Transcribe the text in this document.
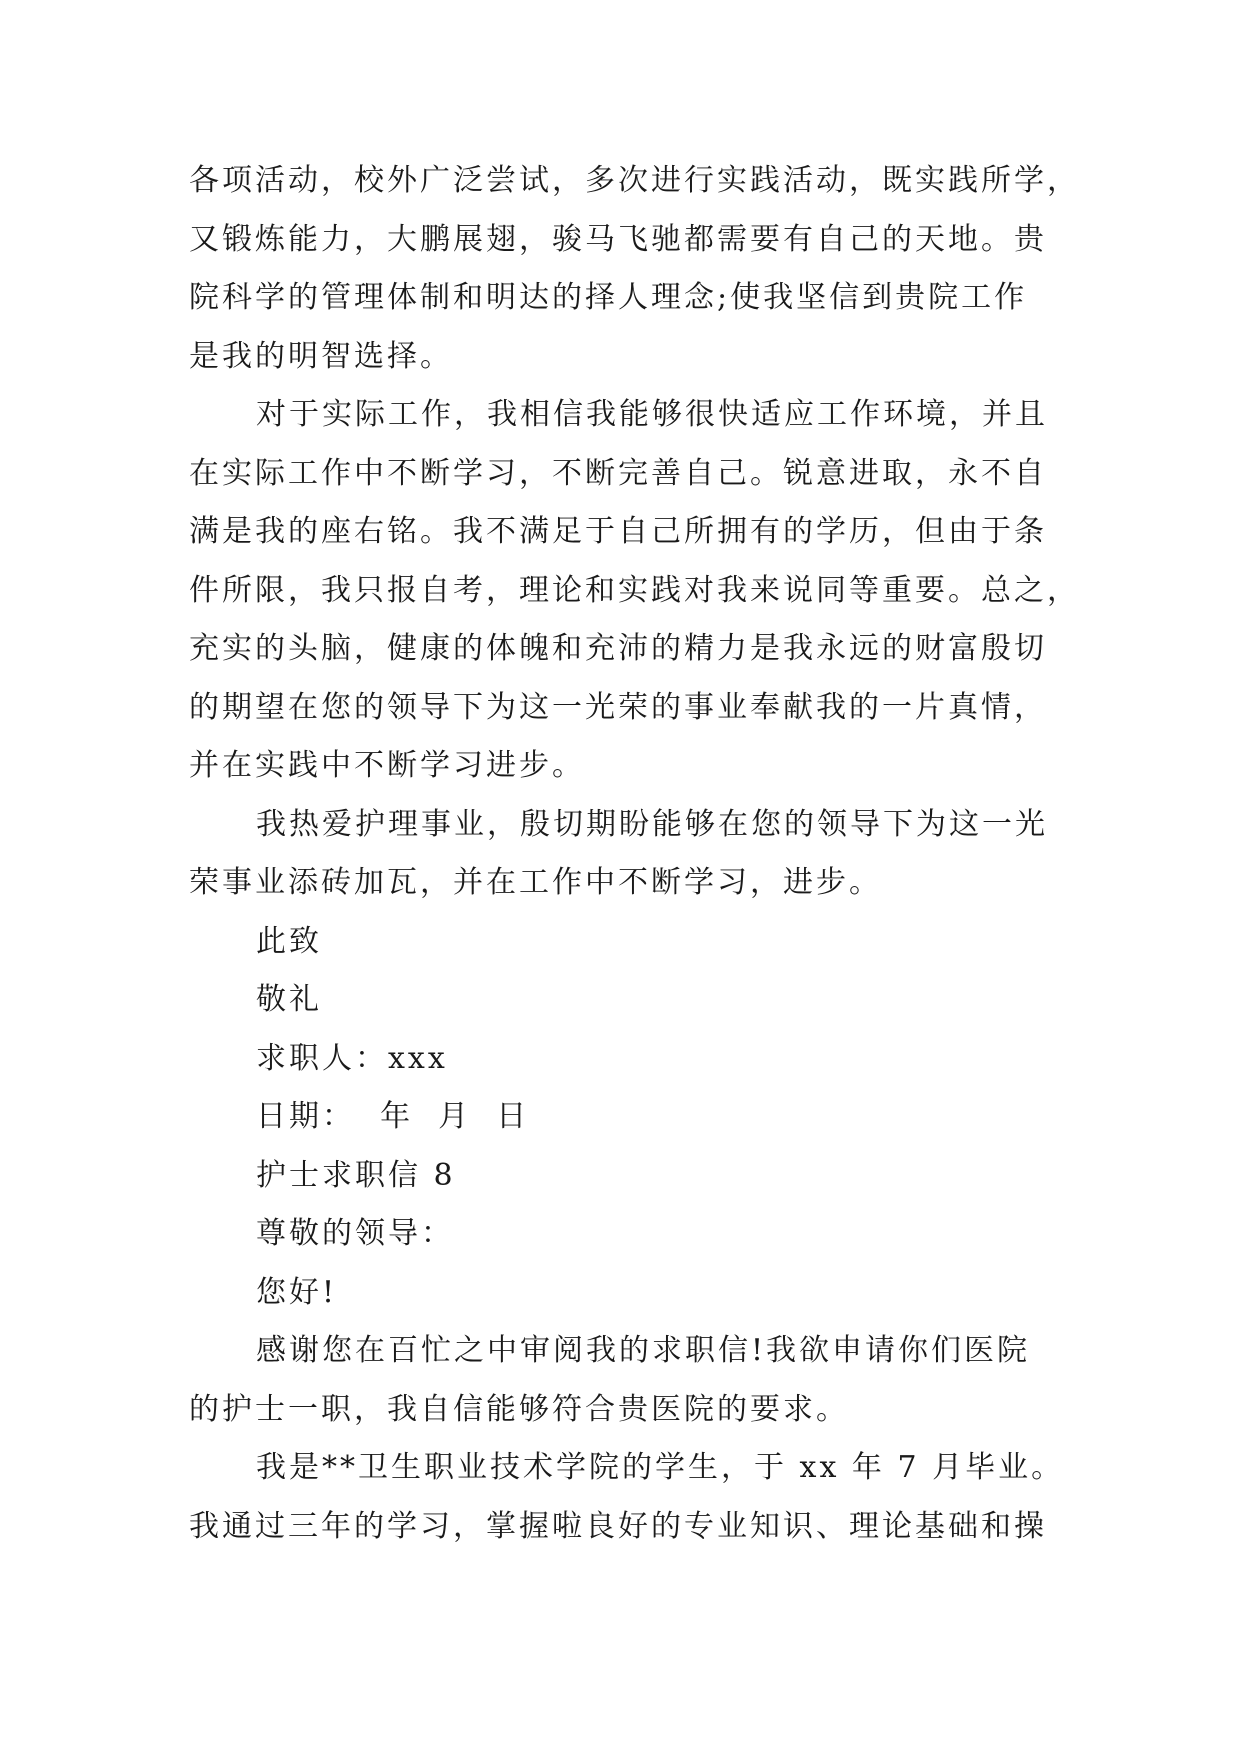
各项活动，校外广泛尝试，多次进行实践活动，既实践所学，
又锻炼能力，大鹏展翅，骏马飞驰都需要有自己的天地。贵
院科学的管理体制和明达的择人理念;使我坚信到贵院工作
是我的明智选择。
对于实际工作，我相信我能够很快适应工作环境，并且
在实际工作中不断学习，不断完善自己。锐意进取，永不自
满是我的座右铭。我不满足于自己所拥有的学历，但由于条
件所限，我只报自考，理论和实践对我来说同等重要。总之，
充实的头脑，健康的体魄和充沛的精力是我永远的财富殷切
的期望在您的领导下为这一光荣的事业奉献我的一片真情，
并在实践中不断学习进步。
我热爱护理事业，殷切期盼能够在您的领导下为这一光
荣事业添砖加瓦，并在工作中不断学习，进步。
此致
敬礼
求职人：xxx
日期：  年  月  日
护士求职信 8
尊敬的领导：
您好!
感谢您在百忙之中审阅我的求职信!我欲申请你们医院
的护士一职，我自信能够符合贵医院的要求。
我是**卫生职业技术学院的学生，于 xx 年 7 月毕业。
我通过三年的学习，掌握啦良好的专业知识、理论基础和操
